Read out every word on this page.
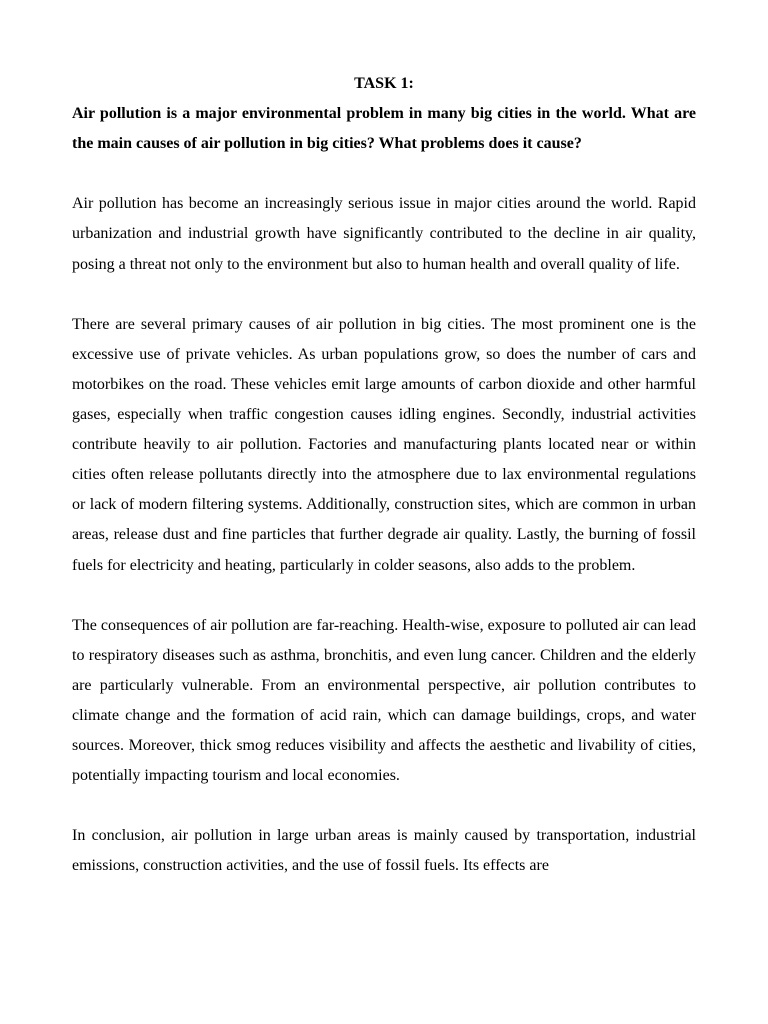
TASK 1:

Air pollution is a major environmental problem in many big cities in the world. What are the main causes of air pollution in big cities? What problems does it cause?

Air pollution has become an increasingly serious issue in major cities around the world. Rapid urbanization and industrial growth have significantly contributed to the decline in air quality, posing a threat not only to the environment but also to human health and overall quality of life.

There are several primary causes of air pollution in big cities. The most prominent one is the excessive use of private vehicles. As urban populations grow, so does the number of cars and motorbikes on the road. These vehicles emit large amounts of carbon dioxide and other harmful gases, especially when traffic congestion causes idling engines. Secondly, industrial activities contribute heavily to air pollution. Factories and manufacturing plants located near or within cities often release pollutants directly into the atmosphere due to lax environmental regulations or lack of modern filtering systems. Additionally, construction sites, which are common in urban areas, release dust and fine particles that further degrade air quality. Lastly, the burning of fossil fuels for electricity and heating, particularly in colder seasons, also adds to the problem.

The consequences of air pollution are far-reaching. Health-wise, exposure to polluted air can lead to respiratory diseases such as asthma, bronchitis, and even lung cancer. Children and the elderly are particularly vulnerable. From an environmental perspective, air pollution contributes to climate change and the formation of acid rain, which can damage buildings, crops, and water sources. Moreover, thick smog reduces visibility and affects the aesthetic and livability of cities, potentially impacting tourism and local economies.

In conclusion, air pollution in large urban areas is mainly caused by transportation, industrial emissions, construction activities, and the use of fossil fuels. Its effects are
